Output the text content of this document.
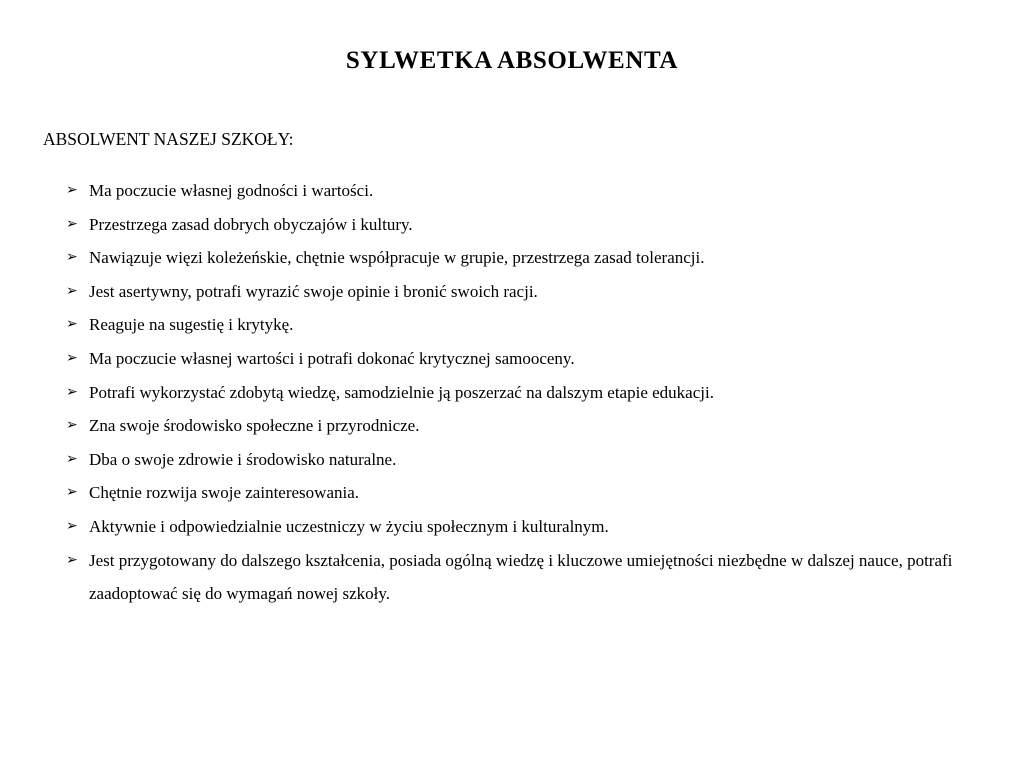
SYLWETKA ABSOLWENTA

ABSOLWENT NASZEJ SZKOŁY:

➢ Ma poczucie własnej godności i wartości.
➢ Przestrzega zasad dobrych obyczajów i kultury.
➢ Nawiązuje więzi koleżeńskie, chętnie współpracuje w grupie, przestrzega zasad tolerancji.
➢ Jest asertywny, potrafi wyrazić swoje opinie i bronić swoich racji.
➢ Reaguje na sugestię i krytykę.
➢ Ma poczucie własnej wartości i potrafi dokonać krytycznej samooceny.
➢ Potrafi wykorzystać zdobytą wiedzę, samodzielnie ją poszerzać na dalszym etapie edukacji.
➢ Zna swoje środowisko społeczne i przyrodnicze.
➢ Dba o swoje zdrowie i środowisko naturalne.
➢ Chętnie rozwija swoje zainteresowania.
➢ Aktywnie i odpowiedzialnie uczestniczy w życiu społecznym i kulturalnym.
➢ Jest przygotowany do dalszego kształcenia, posiada ogólną wiedzę i kluczowe umiejętności niezbędne w dalszej nauce, potrafi zaadoptować się do wymagań nowej szkoły.
